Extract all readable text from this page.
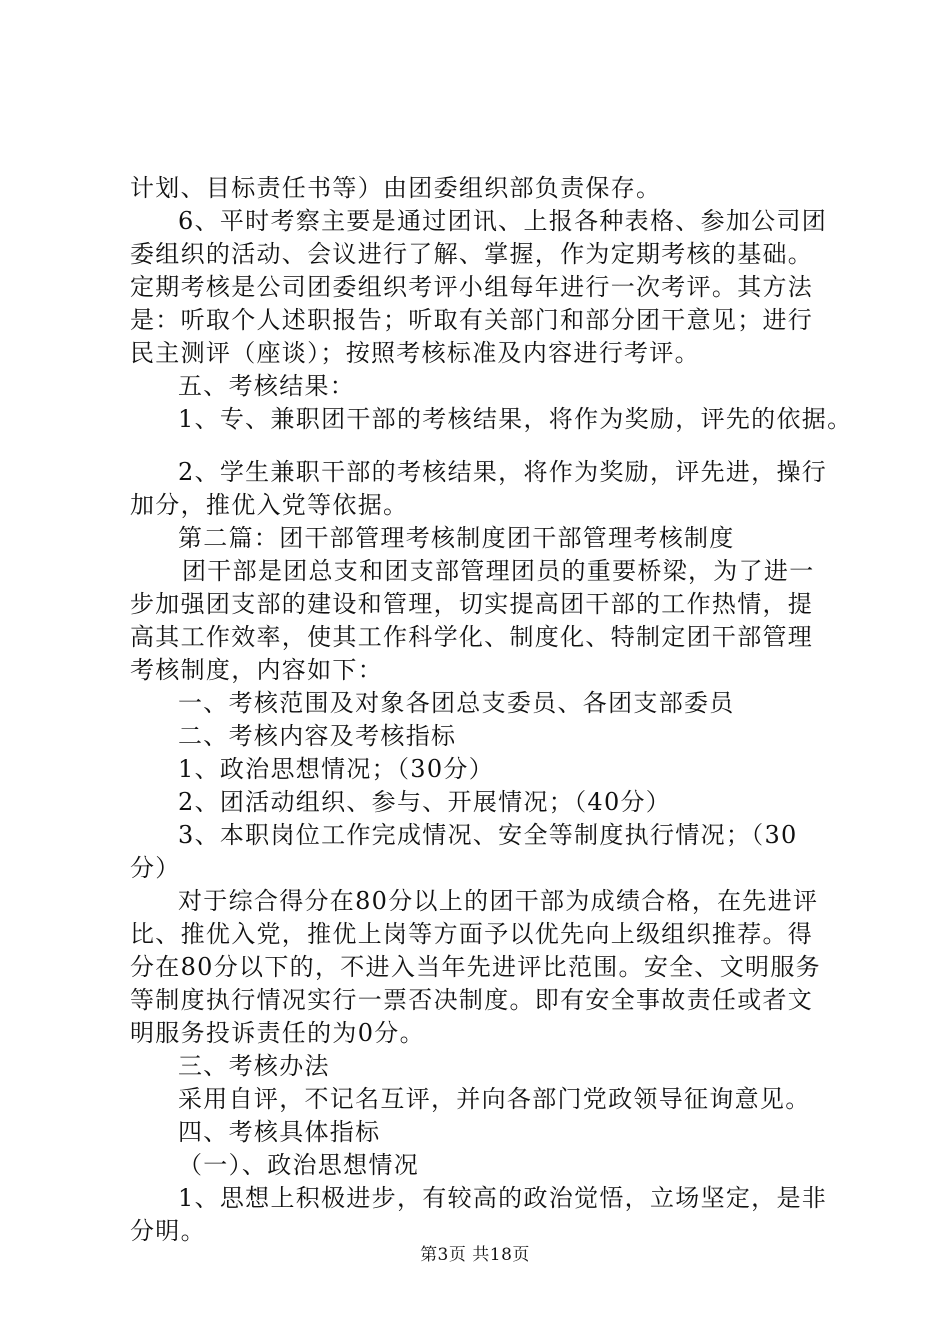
计划、目标责任书等）由团委组织部负责保存。
6、平时考察主要是通过团讯、上报各种表格、参加公司团
委组织的活动、会议进行了解、掌握，作为定期考核的基础。
定期考核是公司团委组织考评小组每年进行一次考评。其方法
是：听取个人述职报告；听取有关部门和部分团干意见；进行
民主测评（座谈）；按照考核标准及内容进行考评。
五、考核结果：
1、专、兼职团干部的考核结果，将作为奖励，评先的依据。
2、学生兼职干部的考核结果，将作为奖励，评先进，操行
加分，推优入党等依据。
第二篇：团干部管理考核制度团干部管理考核制度
团干部是团总支和团支部管理团员的重要桥梁，为了进一
步加强团支部的建设和管理，切实提高团干部的工作热情，提
高其工作效率，使其工作科学化、制度化、特制定团干部管理
考核制度，内容如下：
一、考核范围及对象各团总支委员、各团支部委员
二、考核内容及考核指标
1、政治思想情况；（30分）
2、团活动组织、参与、开展情况；（40分）
3、本职岗位工作完成情况、安全等制度执行情况；（30
分）
对于综合得分在80分以上的团干部为成绩合格，在先进评
比、推优入党，推优上岗等方面予以优先向上级组织推荐。得
分在80分以下的，不进入当年先进评比范围。安全、文明服务
等制度执行情况实行一票否决制度。即有安全事故责任或者文
明服务投诉责任的为0分。
三、考核办法
采用自评，不记名互评，并向各部门党政领导征询意见。
四、考核具体指标
（一）、政治思想情况
1、思想上积极进步，有较高的政治觉悟，立场坚定，是非
分明。
第3页 共18页
